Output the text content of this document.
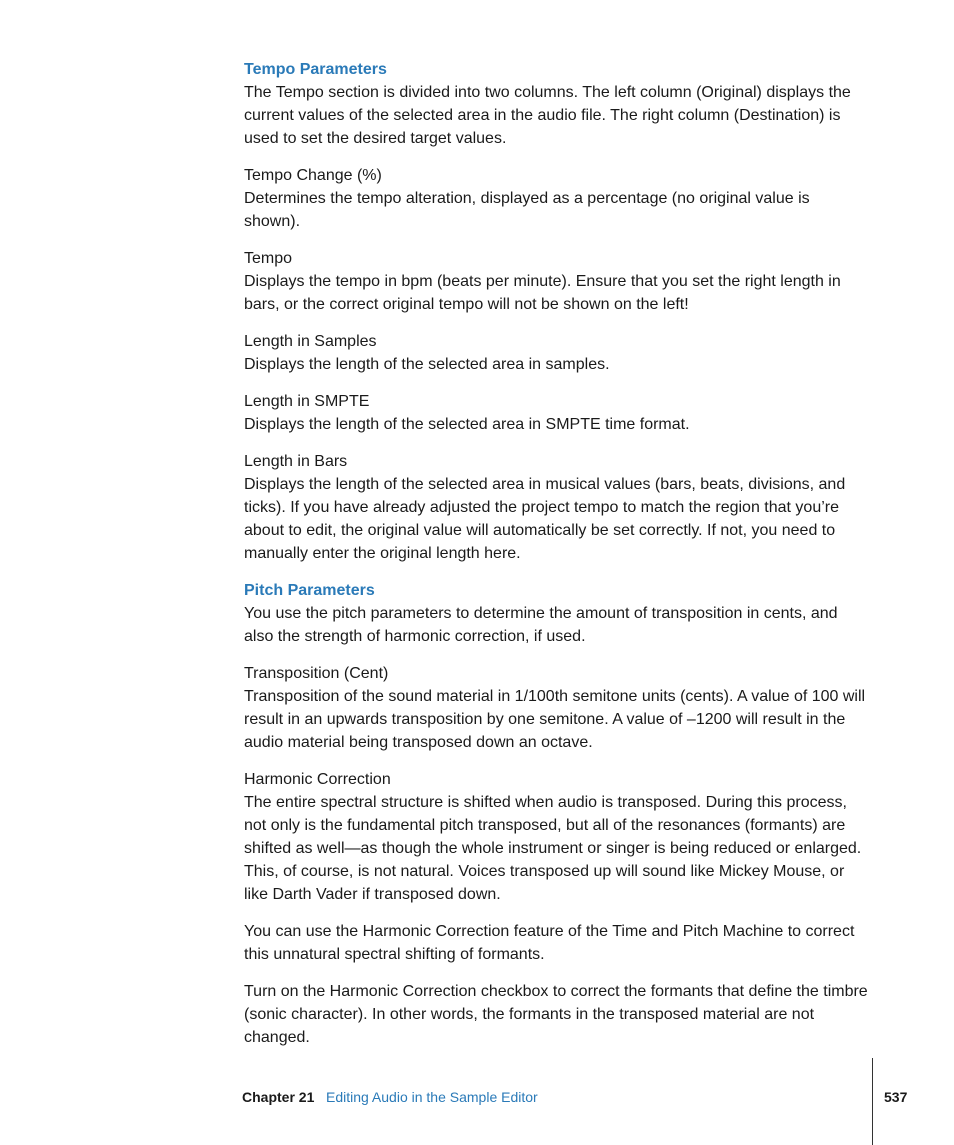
Tempo Parameters

The Tempo section is divided into two columns. The left column (Original) displays the current values of the selected area in the audio file. The right column (Destination) is used to set the desired target values.

Tempo Change (%)

Determines the tempo alteration, displayed as a percentage (no original value is shown).

Tempo

Displays the tempo in bpm (beats per minute). Ensure that you set the right length in bars, or the correct original tempo will not be shown on the left!

Length in Samples

Displays the length of the selected area in samples.

Length in SMPTE

Displays the length of the selected area in SMPTE time format.

Length in Bars

Displays the length of the selected area in musical values (bars, beats, divisions, and ticks). If you have already adjusted the project tempo to match the region that you’re about to edit, the original value will automatically be set correctly. If not, you need to manually enter the original length here.

Pitch Parameters

You use the pitch parameters to determine the amount of transposition in cents, and also the strength of harmonic correction, if used.

Transposition (Cent)

Transposition of the sound material in 1/100th semitone units (cents). A value of 100 will result in an upwards transposition by one semitone. A value of –1200 will result in the audio material being transposed down an octave.

Harmonic Correction

The entire spectral structure is shifted when audio is transposed. During this process, not only is the fundamental pitch transposed, but all of the resonances (formants) are shifted as well—as though the whole instrument or singer is being reduced or enlarged. This, of course, is not natural. Voices transposed up will sound like Mickey Mouse, or like Darth Vader if transposed down.

You can use the Harmonic Correction feature of the Time and Pitch Machine to correct this unnatural spectral shifting of formants.

Turn on the Harmonic Correction checkbox to correct the formants that define the timbre (sonic character). In other words, the formants in the transposed material are not changed.

Chapter 21 Editing Audio in the Sample Editor	537
